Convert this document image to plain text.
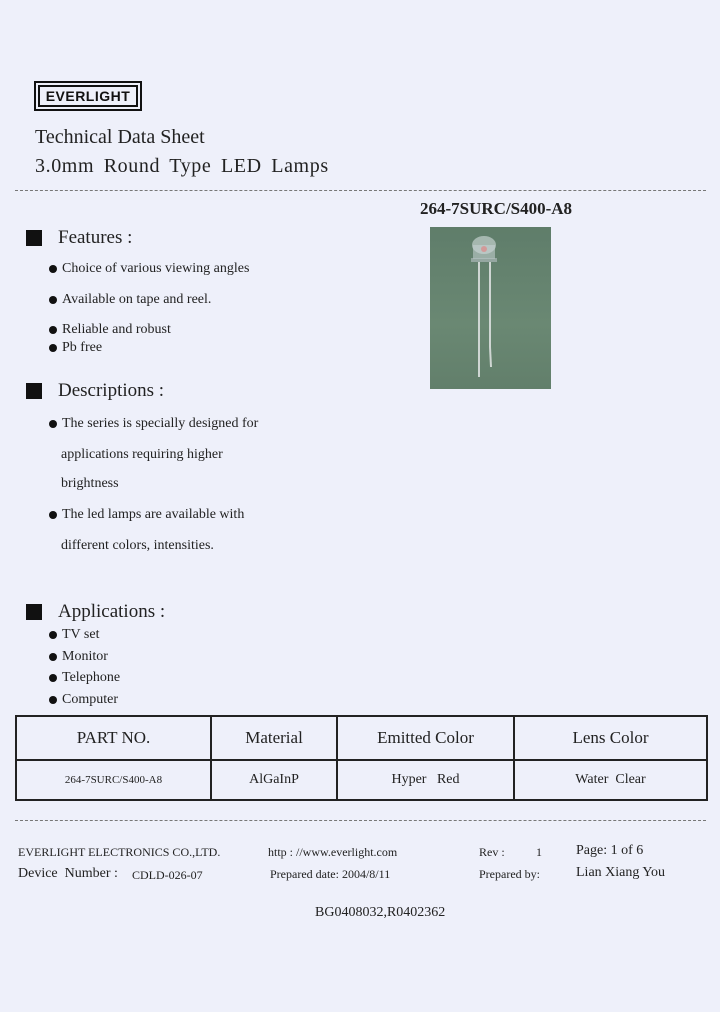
EVERLIGHT
Technical Data Sheet
3.0mm Round Type LED Lamps
264-7SURC/S400-A8
Features :
Choice of various viewing angles
Available on tape and reel.
Reliable and robust
Pb free
Descriptions :
The series is specially designed for
applications requiring higher
brightness
The led lamps are available with
different colors, intensities.
Applications :
TV set
Monitor
Telephone
Computer
PART NO.	Material	Emitted Color	Lens Color
264-7SURC/S400-A8	AlGaInP	Hyper   Red	Water  Clear
EVERLIGHT ELECTRONICS CO.,LTD.	http : //www.everlight.com	Rev :	1 Page: 1 of 6
Device  Number : CDLD-026-07	Prepared date: 2004/8/11	Prepared by:	Lian Xiang You
BG0408032,R0402362
